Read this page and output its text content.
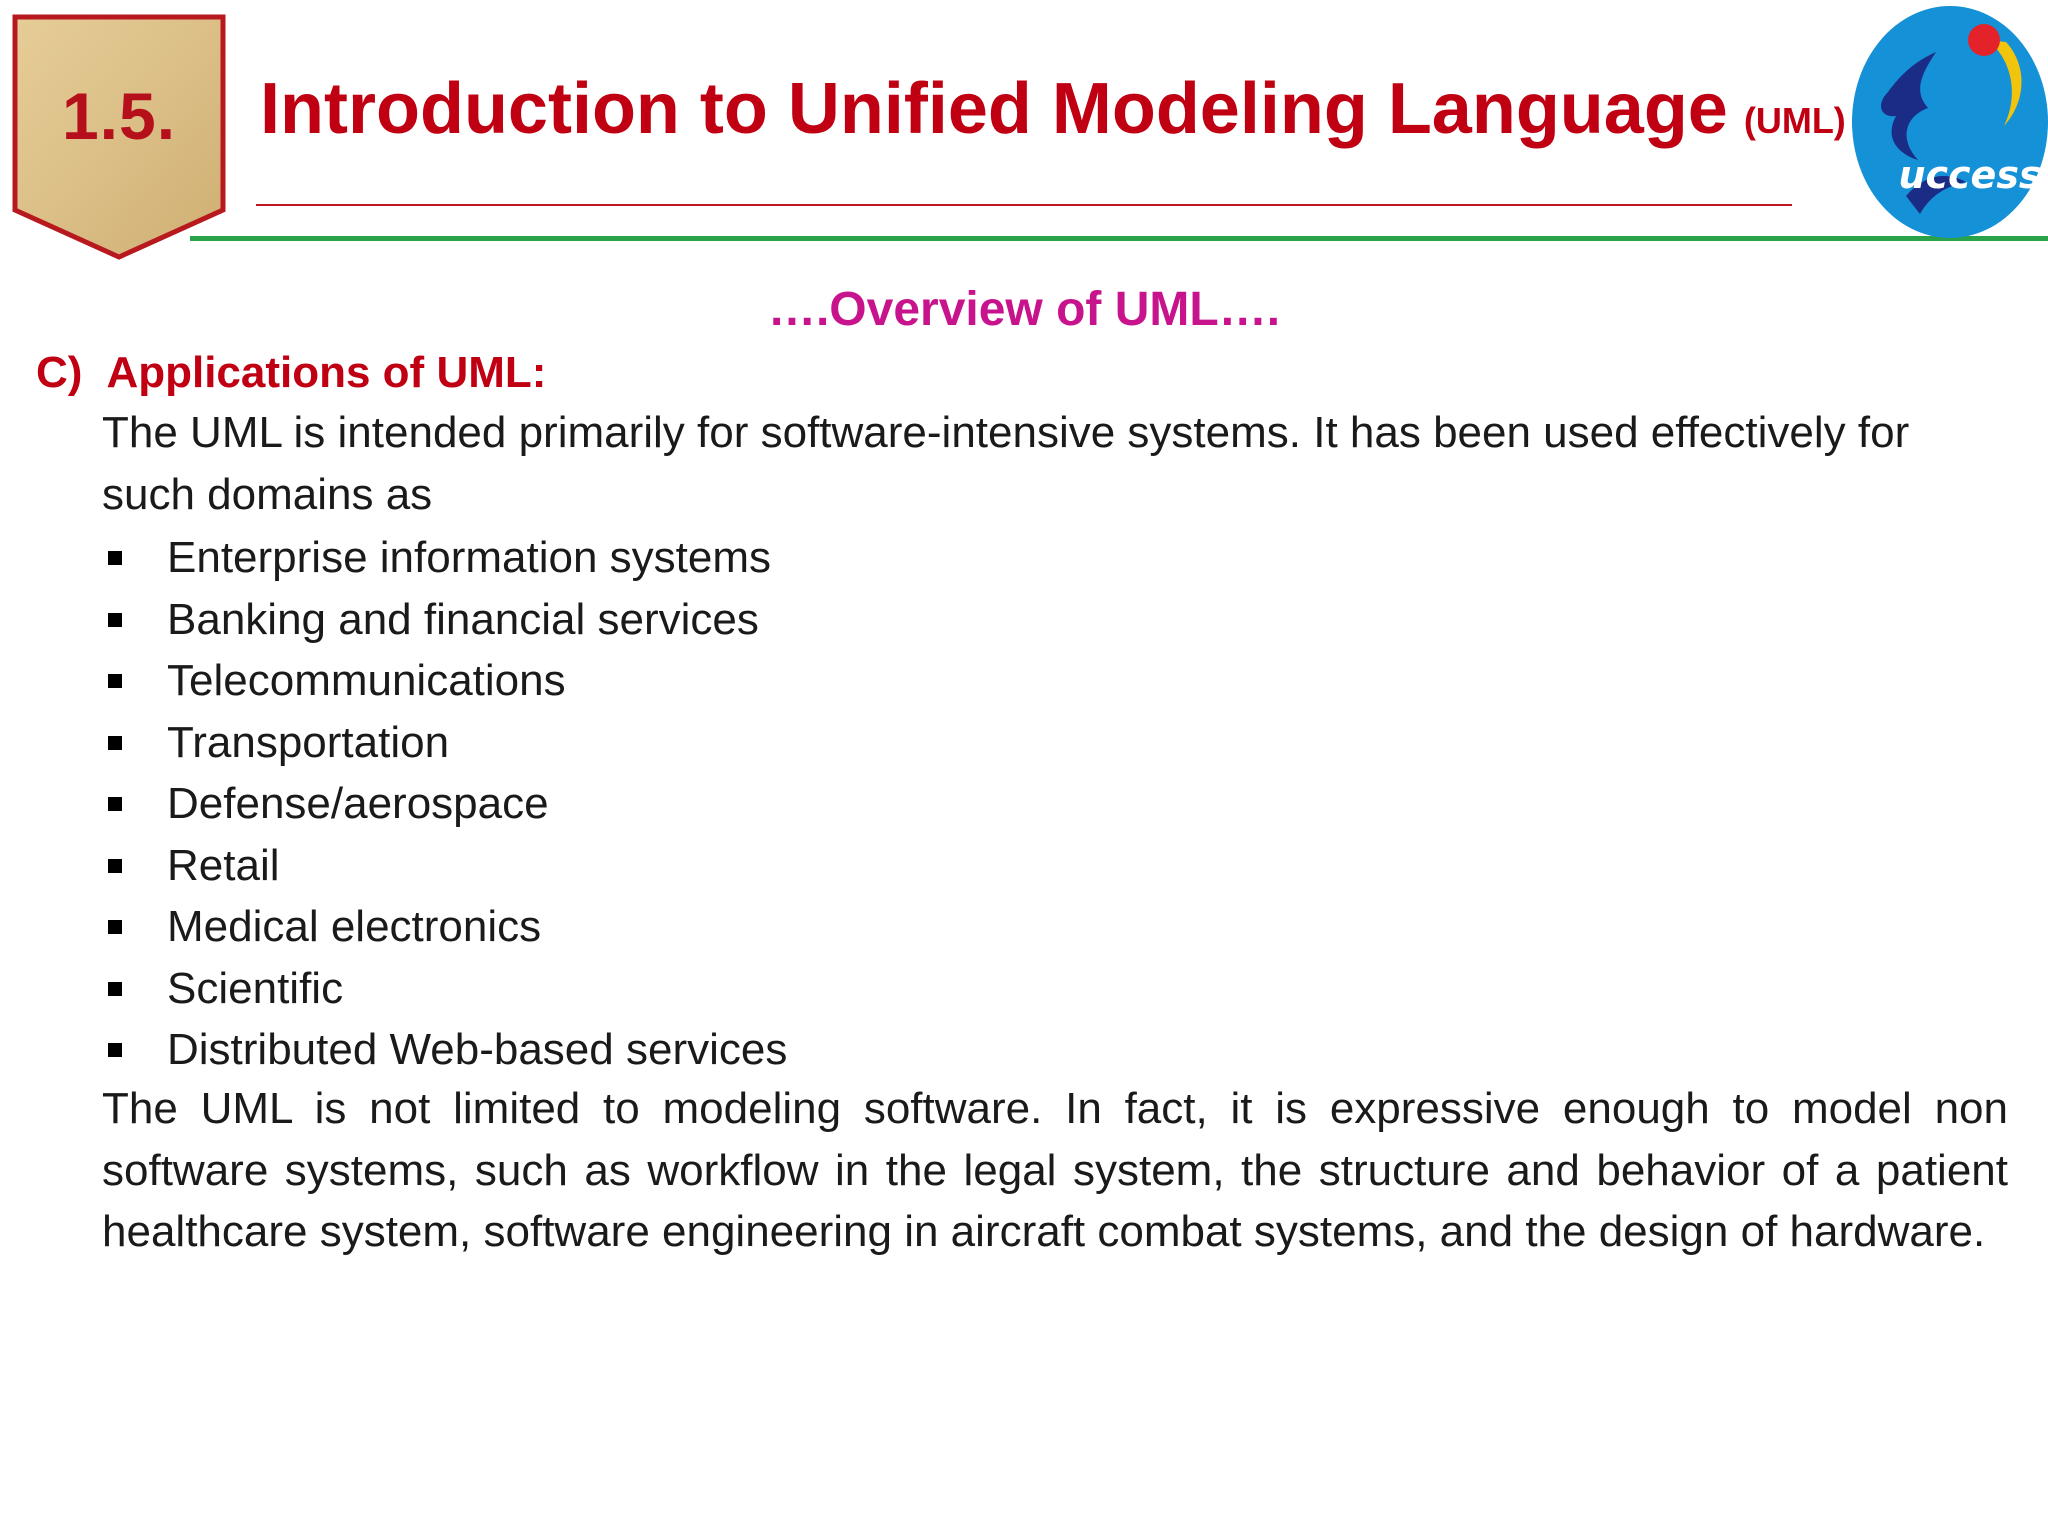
1.5.	Introduction to Unified Modeling Language (UML)
uccess
….Overview of UML….
C) Applications of UML:
The UML is intended primarily for software-intensive systems. It has been used effectively for such domains as
Enterprise information systems
Banking and financial services
Telecommunications
Transportation
Defense/aerospace
Retail
Medical electronics
Scientific
Distributed Web-based services
The UML is not limited to modeling software. In fact, it is expressive enough to model non software systems, such as workflow in the legal system, the structure and behavior of a patient healthcare system, software engineering in aircraft combat systems, and the design of hardware.
